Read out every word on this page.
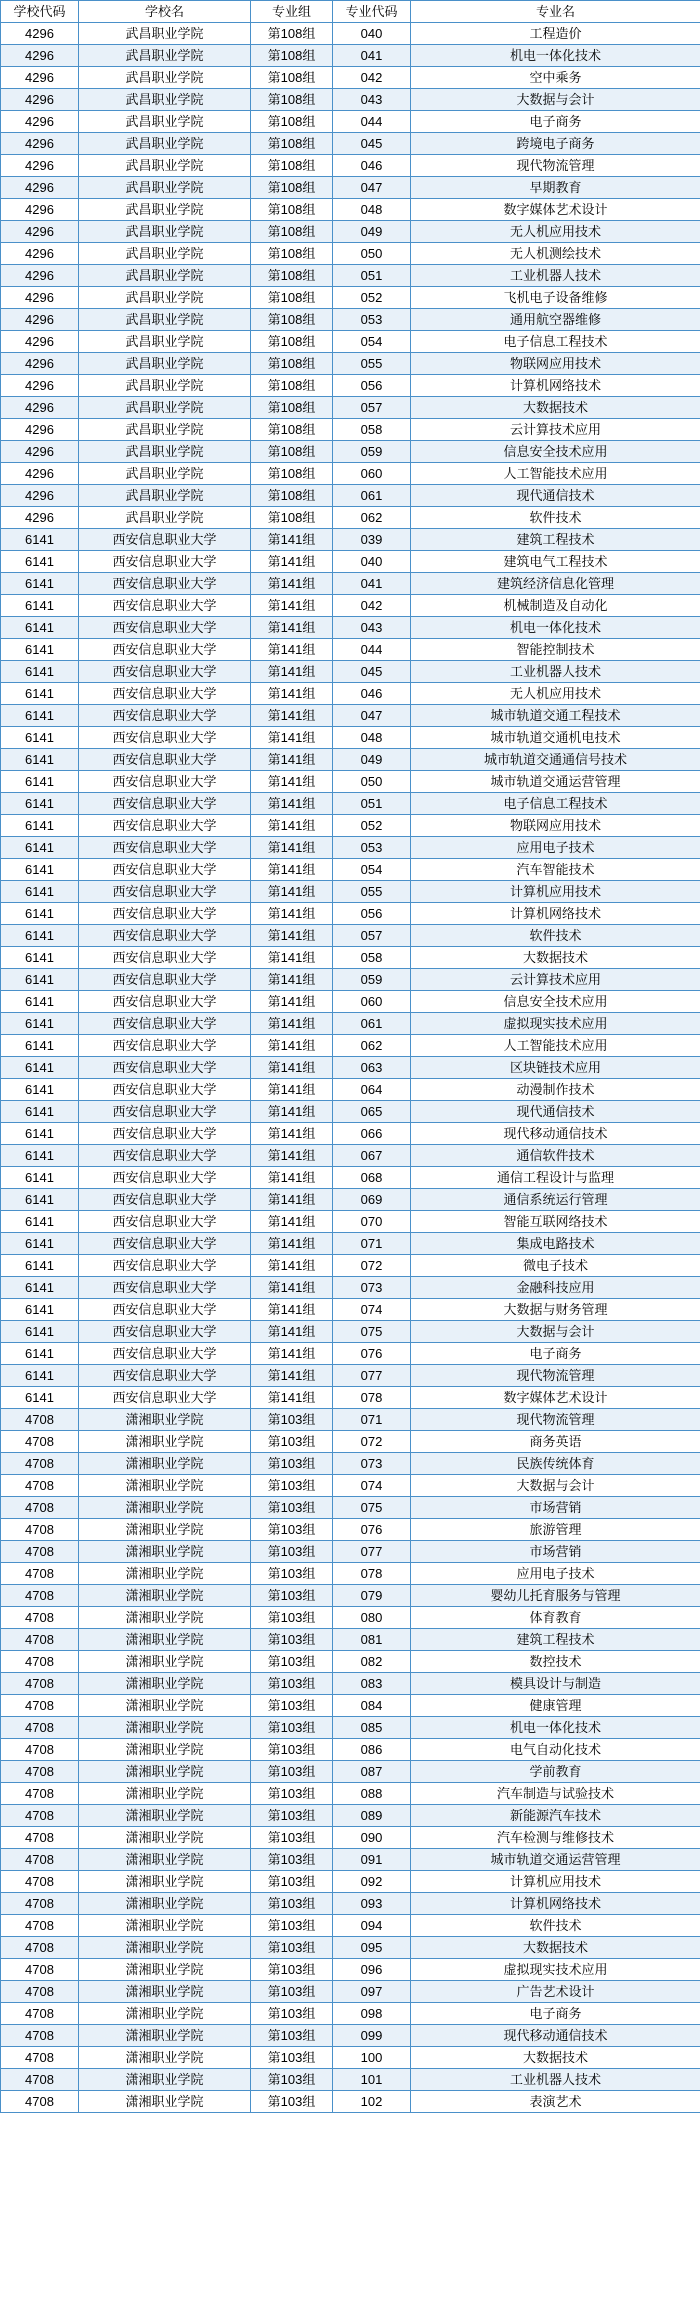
学校代码	学校名	专业组	专业代码	专业名
4296	武昌职业学院	第108组	040	工程造价
4296	武昌职业学院	第108组	041	机电一体化技术
4296	武昌职业学院	第108组	042	空中乘务
4296	武昌职业学院	第108组	043	大数据与会计
4296	武昌职业学院	第108组	044	电子商务
4296	武昌职业学院	第108组	045	跨境电子商务
4296	武昌职业学院	第108组	046	现代物流管理
4296	武昌职业学院	第108组	047	早期教育
4296	武昌职业学院	第108组	048	数字媒体艺术设计
4296	武昌职业学院	第108组	049	无人机应用技术
4296	武昌职业学院	第108组	050	无人机测绘技术
4296	武昌职业学院	第108组	051	工业机器人技术
4296	武昌职业学院	第108组	052	飞机电子设备维修
4296	武昌职业学院	第108组	053	通用航空器维修
4296	武昌职业学院	第108组	054	电子信息工程技术
4296	武昌职业学院	第108组	055	物联网应用技术
4296	武昌职业学院	第108组	056	计算机网络技术
4296	武昌职业学院	第108组	057	大数据技术
4296	武昌职业学院	第108组	058	云计算技术应用
4296	武昌职业学院	第108组	059	信息安全技术应用
4296	武昌职业学院	第108组	060	人工智能技术应用
4296	武昌职业学院	第108组	061	现代通信技术
4296	武昌职业学院	第108组	062	软件技术
6141	西安信息职业大学	第141组	039	建筑工程技术
6141	西安信息职业大学	第141组	040	建筑电气工程技术
6141	西安信息职业大学	第141组	041	建筑经济信息化管理
6141	西安信息职业大学	第141组	042	机械制造及自动化
6141	西安信息职业大学	第141组	043	机电一体化技术
6141	西安信息职业大学	第141组	044	智能控制技术
6141	西安信息职业大学	第141组	045	工业机器人技术
6141	西安信息职业大学	第141组	046	无人机应用技术
6141	西安信息职业大学	第141组	047	城市轨道交通工程技术
6141	西安信息职业大学	第141组	048	城市轨道交通机电技术
6141	西安信息职业大学	第141组	049	城市轨道交通通信号技术
6141	西安信息职业大学	第141组	050	城市轨道交通运营管理
6141	西安信息职业大学	第141组	051	电子信息工程技术
6141	西安信息职业大学	第141组	052	物联网应用技术
6141	西安信息职业大学	第141组	053	应用电子技术
6141	西安信息职业大学	第141组	054	汽车智能技术
6141	西安信息职业大学	第141组	055	计算机应用技术
6141	西安信息职业大学	第141组	056	计算机网络技术
6141	西安信息职业大学	第141组	057	软件技术
6141	西安信息职业大学	第141组	058	大数据技术
6141	西安信息职业大学	第141组	059	云计算技术应用
6141	西安信息职业大学	第141组	060	信息安全技术应用
6141	西安信息职业大学	第141组	061	虚拟现实技术应用
6141	西安信息职业大学	第141组	062	人工智能技术应用
6141	西安信息职业大学	第141组	063	区块链技术应用
6141	西安信息职业大学	第141组	064	动漫制作技术
6141	西安信息职业大学	第141组	065	现代通信技术
6141	西安信息职业大学	第141组	066	现代移动通信技术
6141	西安信息职业大学	第141组	067	通信软件技术
6141	西安信息职业大学	第141组	068	通信工程设计与监理
6141	西安信息职业大学	第141组	069	通信系统运行管理
6141	西安信息职业大学	第141组	070	智能互联网络技术
6141	西安信息职业大学	第141组	071	集成电路技术
6141	西安信息职业大学	第141组	072	微电子技术
6141	西安信息职业大学	第141组	073	金融科技应用
6141	西安信息职业大学	第141组	074	大数据与财务管理
6141	西安信息职业大学	第141组	075	大数据与会计
6141	西安信息职业大学	第141组	076	电子商务
6141	西安信息职业大学	第141组	077	现代物流管理
6141	西安信息职业大学	第141组	078	数字媒体艺术设计
4708	潇湘职业学院	第103组	071	现代物流管理
4708	潇湘职业学院	第103组	072	商务英语
4708	潇湘职业学院	第103组	073	民族传统体育
4708	潇湘职业学院	第103组	074	大数据与会计
4708	潇湘职业学院	第103组	075	市场营销
4708	潇湘职业学院	第103组	076	旅游管理
4708	潇湘职业学院	第103组	077	市场营销
4708	潇湘职业学院	第103组	078	应用电子技术
4708	潇湘职业学院	第103组	079	婴幼儿托育服务与管理
4708	潇湘职业学院	第103组	080	体育教育
4708	潇湘职业学院	第103组	081	建筑工程技术
4708	潇湘职业学院	第103组	082	数控技术
4708	潇湘职业学院	第103组	083	模具设计与制造
4708	潇湘职业学院	第103组	084	健康管理
4708	潇湘职业学院	第103组	085	机电一体化技术
4708	潇湘职业学院	第103组	086	电气自动化技术
4708	潇湘职业学院	第103组	087	学前教育
4708	潇湘职业学院	第103组	088	汽车制造与试验技术
4708	潇湘职业学院	第103组	089	新能源汽车技术
4708	潇湘职业学院	第103组	090	汽车检测与维修技术
4708	潇湘职业学院	第103组	091	城市轨道交通运营管理
4708	潇湘职业学院	第103组	092	计算机应用技术
4708	潇湘职业学院	第103组	093	计算机网络技术
4708	潇湘职业学院	第103组	094	软件技术
4708	潇湘职业学院	第103组	095	大数据技术
4708	潇湘职业学院	第103组	096	虚拟现实技术应用
4708	潇湘职业学院	第103组	097	广告艺术设计
4708	潇湘职业学院	第103组	098	电子商务
4708	潇湘职业学院	第103组	099	现代移动通信技术
4708	潇湘职业学院	第103组	100	大数据技术
4708	潇湘职业学院	第103组	101	工业机器人技术
4708	潇湘职业学院	第103组	102	表演艺术
